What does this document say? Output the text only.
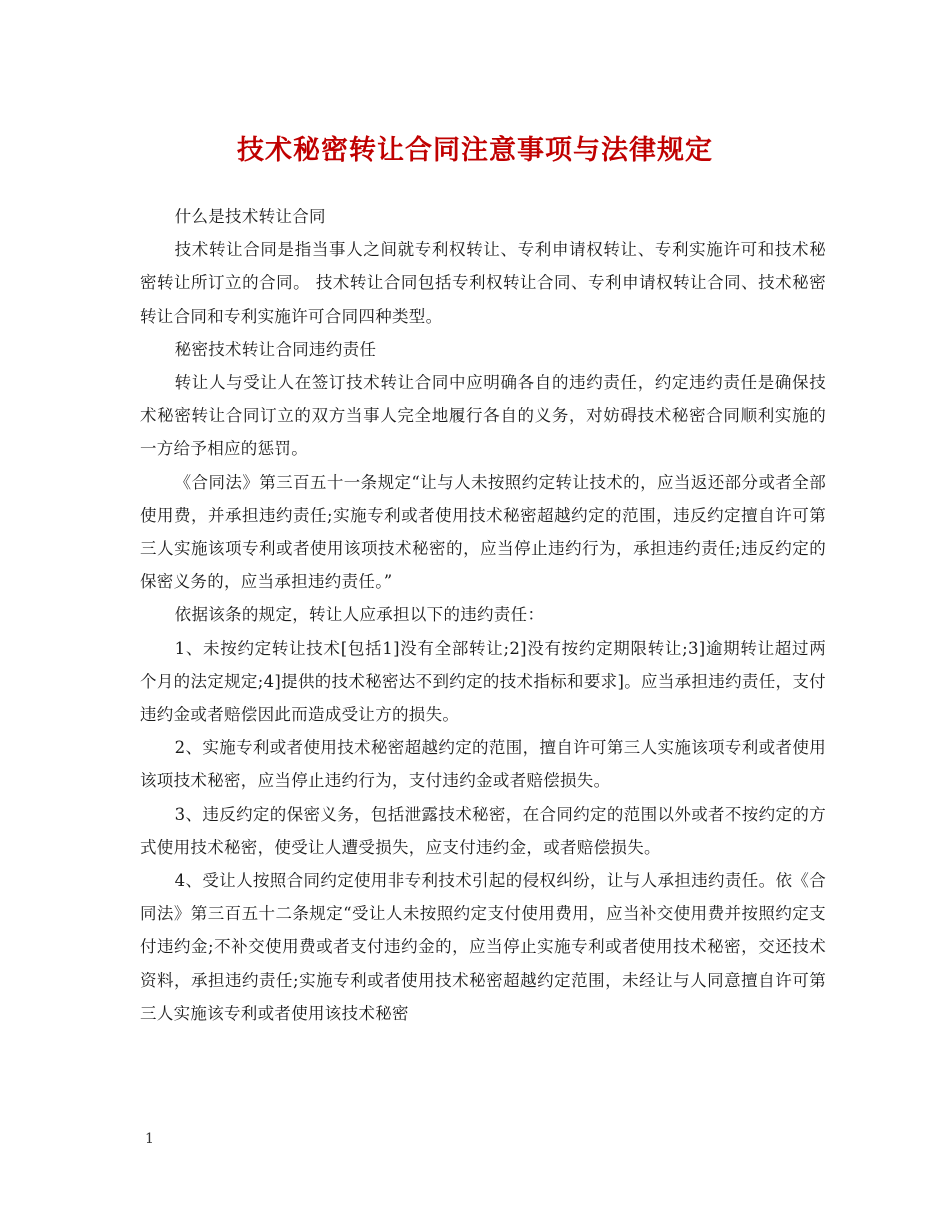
技术秘密转让合同注意事项与法律规定

什么是技术转让合同

技术转让合同是指当事人之间就专利权转让、专利申请权转让、专利实施许可和技术秘密转让所订立的合同。 技术转让合同包括专利权转让合同、专利申请权转让合同、技术秘密转让合同和专利实施许可合同四种类型。

秘密技术转让合同违约责任

转让人与受让人在签订技术转让合同中应明确各自的违约责任，约定违约责任是确保技术秘密转让合同订立的双方当事人完全地履行各自的义务，对妨碍技术秘密合同顺利实施的一方给予相应的惩罚。

《合同法》第三百五十一条规定“让与人未按照约定转让技术的，应当返还部分或者全部使用费，并承担违约责任;实施专利或者使用技术秘密超越约定的范围，违反约定擅自许可第三人实施该项专利或者使用该项技术秘密的，应当停止违约行为，承担违约责任;违反约定的保密义务的，应当承担违约责任。”

依据该条的规定，转让人应承担以下的违约责任：

1、未按约定转让技术[包括1]没有全部转让;2]没有按约定期限转让;3]逾期转让超过两个月的法定规定;4]提供的技术秘密达不到约定的技术指标和要求]。应当承担违约责任，支付违约金或者赔偿因此而造成受让方的损失。

2、实施专利或者使用技术秘密超越约定的范围，擅自许可第三人实施该项专利或者使用该项技术秘密，应当停止违约行为，支付违约金或者赔偿损失。

3、违反约定的保密义务，包括泄露技术秘密，在合同约定的范围以外或者不按约定的方式使用技术秘密，使受让人遭受损失，应支付违约金，或者赔偿损失。

4、受让人按照合同约定使用非专利技术引起的侵权纠纷，让与人承担违约责任。依《合同法》第三百五十二条规定“受让人未按照约定支付使用费用，应当补交使用费并按照约定支付违约金;不补交使用费或者支付违约金的，应当停止实施专利或者使用技术秘密，交还技术资料，承担违约责任;实施专利或者使用技术秘密超越约定范围，未经让与人同意擅自许可第三人实施该专利或者使用该技术秘密

1
